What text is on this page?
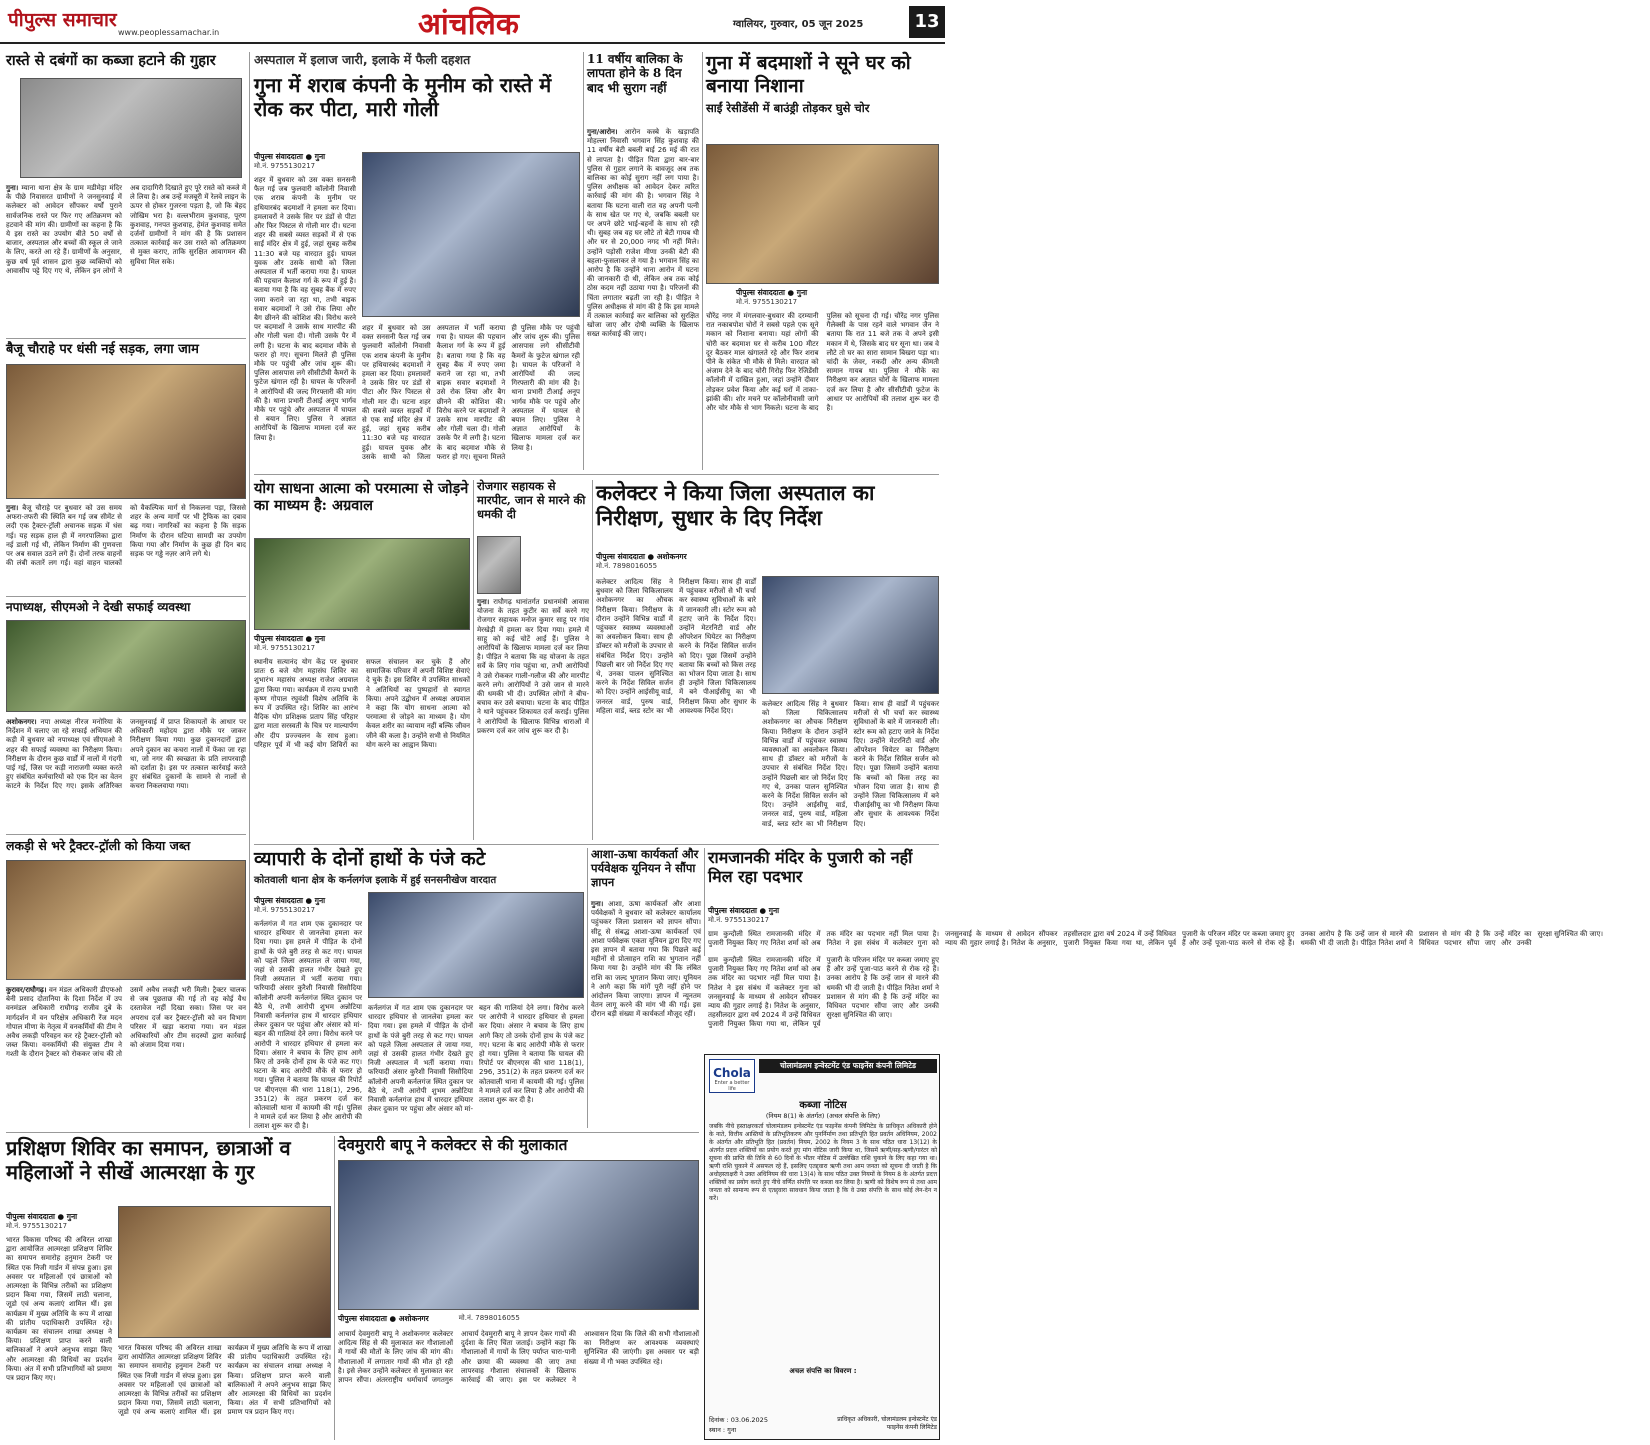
पीपुल्स समाचार
www.peoplessamachar.in	आंचलिक	ग्वालियर, गुरुवार, 05 जून 2025	13
रास्ते से दबंगों का कब्जा हटाने की गुहार
गुना। म्याना थाना क्षेत्र के ग्राम मडीमेड़ा मंदिर के पीछे निवासरत ग्रामीणों ने जनसुनवाई में कलेक्टर को आवेदन सौंपकर वर्षों पुराने सार्वजनिक रास्ते पर फिर गए अतिक्रमण को हटवाने की मांग की। ग्रामीणों का कहना है कि ये इस रास्ते का उपयोग बीते 50 वर्षों से बाजार, अस्पताल और बच्चों की स्कूल ले जाने के लिए, करते आ रहे हैं। ग्रामीणों के अनुसार, कुछ वर्ष पूर्व शासन द्वारा कुछ व्यक्तियों को आवासीय पट्टे दिए गए थे, लेकिन इन लोगों ने अब दादागिरी दिखाते हुए पूरे रास्ते को कब्जे में ले लिया है। अब उन्हें मजबूरी में रेलवे लाइन के ऊपर से होकर गुजरना पड़ता है, जो कि बेहद जोखिम भरा है। वल्लभीराम कुशवाह, पूरण कुशवाह, गनपत कुशवाह, हेमंत कुशवाह समेत दर्जनों ग्रामीणों ने मांग की है कि प्रशासन तत्काल कार्रवाई कर उस रास्ते को अतिक्रमण से मुक्त कराए, ताकि सुरक्षित आवागमन की सुविधा मिल सके।
बैजू चौराहे पर धंसी नई सड़क, लगा जाम
गुना। बैजू चौराहे पर बुधवार को उस समय अफरा-तफरी की स्थिति बन गई जब सीमेंट से लदी एक ट्रैक्टर-ट्रॉली अचानक सड़क में धंस गई। यह सड़क हाल ही में नगरपालिका द्वारा नई डाली गई थी, लेकिन निर्माण की गुणवत्ता पर अब सवाल उठने लगे हैं। दोनों तरफ वाहनों की लंबी कतारें लग गईं। वहां वाहन चालकों को वैकल्पिक मार्ग से निकलना पड़ा, जिससे शहर के अन्य मार्गों पर भी ट्रैफिक का दबाव बढ़ गया। नागरिकों का कहना है कि सड़क निर्माण के दौरान घटिया सामग्री का उपयोग किया गया और निर्माण के कुछ ही दिन बाद सड़क पर गड्ढे नज़र आने लगे थे।
नपाध्यक्ष, सीएमओ ने देखी सफाई व्यवस्था
अशोकनगर। नपा अध्यक्ष नीरज मनोरिया के निर्देशन में चलाए जा रहे सफाई अभियान की कड़ी में बुधवार को नपाध्यक्ष एवं सीएमओ ने शहर की सफाई व्यवस्था का निरीक्षण किया। निरीक्षण के दौरान कुछ वार्डों में नालों में गंदगी पाई गई, जिस पर कड़ी नाराजगी व्यक्त करते हुए संबंधित कर्मचारियों को एक दिन का वेतन काटने के निर्देश दिए गए। इसके अतिरिक्त जनसुनवाई में प्राप्त शिकायतों के आधार पर अधिकारी महोदय द्वारा मौके पर जाकर निरीक्षण किया गया। कुछ दुकानदारों द्वारा अपने दुकान का कचरा नालों में फेंका जा रहा था, जो नगर की स्वच्छता के प्रति लापरवाही को दर्शाता है। इस पर तत्काल कार्रवाई करते हुए संबंधित दुकानों के सामने से नालों से कचरा निकलवाया गया।
लकड़ी से भरे ट्रैक्टर-ट्रॉली को किया जब्त
कुरावर/राघौगढ़। वन मंडल अधिकारी डीएफओ बेनी प्रसाद दोतानिया के दिशा निर्देश में उप वनमंडल अधिकारी राघौगढ़ राजीव दुबे के मार्गदर्शन में वन परिक्षेत्र अधिकारी रेंज मदन गोपाल मीणा के नेतृत्व में वनकर्मियों की टीम ने अवैध लकड़ी परिवहन कर रहे ट्रैक्टर-ट्रॉली को जब्त किया। वनकर्मियों की संयुक्त टीम ने गश्ती के दौरान ट्रैक्टर को रोककर जांच की तो उसमें अवैध लकड़ी भरी मिली। ट्रैक्टर चालक से जब पूछताछ की गई तो वह कोई वैध दस्तावेज नहीं दिखा सका। जिस पर वन अपराध दर्ज कर ट्रैक्टर-ट्रॉली को वन विभाग परिसर में खड़ा कराया गया। वन मंडल अधिकारियों और टीम सदस्यों द्वारा कार्रवाई को अंजाम दिया गया।
अस्पताल में इलाज जारी, इलाके में फैली दहशत
गुना में शराब कंपनी के मुनीम को रास्ते में रोक कर पीटा, मारी गोली
पीपुल्स संवाददाता ● गुना
मो.नं. 9755130217
शहर में बुधवार को उस वक्त सनसनी फैल गई जब फुलवारी कॉलोनी निवासी एक शराब कंपनी के मुनीम पर हथियारबंद बदमाशों ने हमला कर दिया। हमलावरों ने उसके सिर पर डंडों से पीटा और फिर पिस्टल से गोली मार दी। घटना शहर की सबसे व्यस्त सड़कों में से एक साईं मंदिर क्षेत्र में हुई, जहां सुबह करीब 11:30 बजे यह वारदात हुई। घायल युवक और उसके साथी को जिला अस्पताल में भर्ती कराया गया है। घायल की पहचान कैलाश गर्ग के रूप में हुई है। बताया गया है कि वह सुबह बैंक में रुपए जमा कराने जा रहा था, तभी बाइक सवार बदमाशों ने उसे रोक लिया और बैग छीनने की कोशिश की। विरोध करने पर बदमाशों ने उसके साथ मारपीट की और गोली चला दी। गोली उसके पैर में लगी है। घटना के बाद बदमाश मौके से फरार हो गए। सूचना मिलते ही पुलिस मौके पर पहुंची और जांच शुरू की। पुलिस आसपास लगे सीसीटीवी कैमरों के फुटेज खंगाल रही है। घायल के परिजनों ने आरोपियों की जल्द गिरफ्तारी की मांग की है। थाना प्रभारी टीआई अनूप भार्गव मौके पर पहुंचे और अस्पताल में घायल से बयान लिए। पुलिस ने अज्ञात आरोपियों के खिलाफ मामला दर्ज कर लिया है।
शहर में बुधवार को उस वक्त सनसनी फैल गई जब फुलवारी कॉलोनी निवासी एक शराब कंपनी के मुनीम पर हथियारबंद बदमाशों ने हमला कर दिया। हमलावरों ने उसके सिर पर डंडों से पीटा और फिर पिस्टल से गोली मार दी। घटना शहर की सबसे व्यस्त सड़कों में से एक साईं मंदिर क्षेत्र में हुई, जहां सुबह करीब 11:30 बजे यह वारदात हुई। घायल युवक और उसके साथी को जिला अस्पताल में भर्ती कराया गया है। घायल की पहचान कैलाश गर्ग के रूप में हुई है। बताया गया है कि वह सुबह बैंक में रुपए जमा कराने जा रहा था, तभी बाइक सवार बदमाशों ने उसे रोक लिया और बैग छीनने की कोशिश की। विरोध करने पर बदमाशों ने उसके साथ मारपीट की और गोली चला दी। गोली उसके पैर में लगी है। घटना के बाद बदमाश मौके से फरार हो गए। सूचना मिलते ही पुलिस मौके पर पहुंची और जांच शुरू की। पुलिस आसपास लगे सीसीटीवी कैमरों के फुटेज खंगाल रही है। घायल के परिजनों ने आरोपियों की जल्द गिरफ्तारी की मांग की है। थाना प्रभारी टीआई अनूप भार्गव मौके पर पहुंचे और अस्पताल में घायल से बयान लिए। पुलिस ने अज्ञात आरोपियों के खिलाफ मामला दर्ज कर लिया है।
11 वर्षीय बालिका के लापता होने के 8 दिन बाद भी सुराग नहीं
गुना/आरोन। आरोन कस्बे के खड़ापति मोहल्ला निवासी भगवान सिंह कुशवाह की 11 वर्षीय बेटी बबली बाई 26 मई की रात से लापता है। पीड़ित पिता द्वारा बार-बार पुलिस से गुहार लगाने के बावजूद अब तक बालिका का कोई सुराग नहीं लग पाया है। पुलिस अधीक्षक को आवेदन देकर त्वरित कार्रवाई की मांग की है। भगवान सिंह ने बताया कि घटना वाली रात वह अपनी पत्नी के साथ खेत पर गए थे, जबकि बबली घर पर अपने छोटे भाई-बहनों के साथ सो रही थी। सुबह जब वह घर लौटे तो बेटी गायब थी और घर से 20,000 नगद भी नहीं मिले। उन्होंने पड़ोसी राजेश मीणा उनकी बेटी की बहला-फुसलाकर ले गया है। भगवान सिंह का आरोप है कि उन्होंने थाना आरोन में घटना की जानकारी दी थी, लेकिन अब तक कोई ठोस कदम नहीं उठाया गया है। परिजनों की चिंता लगातार बढ़ती जा रही है। पीड़ित ने पुलिस अधीक्षक से मांग की है कि इस मामले में तत्काल कार्रवाई कर बालिका को सुरक्षित खोजा जाए और दोषी व्यक्ति के खिलाफ सख्त कार्रवाई की जाए।
गुना में बदमाशों ने सूने घर को बनाया निशाना
साईं रेसीडेंसी में बाउंड्री तोड़कर घुसे चोर
पीपुल्स संवाददाता ● गुना
मो.नं. 9755130217
चौरेंद्र नगर में मंगलवार-बुधवार की दरम्यानी रात नकाबपोश चोरों ने सबसे पहले एक सूने मकान को निशाना बनाया। यहां लोगों की चोरी कर बदमाश घर से करीब 100 मीटर दूर बैठकर माल खंगालते रहे और फिर शराब पीने के संकेत भी मौके से मिले। वारदात को अंजाम देने के बाद चोरी गिरोह फिर रेजिडेंसी कॉलोनी में दाखिल हुआ, जहां उन्होंने दीवार तोड़कर प्रवेश किया और कई घरों में ताका-झांकी की। शोर मचने पर कॉलोनीवासी जागे और चोर मौके से भाग निकले। घटना के बाद पुलिस को सूचना दी गई। चौरेंद्र नगर पुलिस गैलेक्सी के पास रहने वाले भगवान जैन ने बताया कि रात 11 बजे तक वे अपने इसी मकान में थे, जिसके बाद घर सूना था। जब वे लौटे तो घर का सारा सामान बिखरा पड़ा था। चांदी के जेवर, नकदी और अन्य कीमती सामान गायब था। पुलिस ने मौके का निरीक्षण कर अज्ञात चोरों के खिलाफ मामला दर्ज कर लिया है और सीसीटीवी फुटेज के आधार पर आरोपियों की तलाश शुरू कर दी है।
योग साधना आत्मा को परमात्मा से जोड़ने का माध्यम है: अग्रवाल
पीपुल्स संवाददाता ● गुना
मो.नं. 9755130217
स्थानीय सत्यानंद योग केंद्र पर बुधवार प्रातः 6 बजे योग महासंघ शिविर का शुभारंभ महासंघ अध्यक्ष राजेश अग्रवाल द्वारा किया गया। कार्यक्रम में राज्य प्रभारी कृष्ण गोपाल रघुवंशी विशेष अतिथि के रूप में उपस्थित रहे। शिविर का आरंभ वैदिक योग प्रशिक्षक प्रताप सिंह परिहार द्वारा माता सरस्वती के चित्र पर माल्यार्पण और दीप प्रज्ज्वलन के साथ हुआ। परिहार पूर्व में भी कई योग शिविरों का सफल संचालन कर चुके हैं और सामाजिक परिवार में अपनी विशिष्ट सेवाएं दे चुके हैं। इस शिविर में उपस्थित साधकों ने अतिथियों का पुष्पहारों से स्वागत किया। अपने उद्बोधन में अध्यक्ष अग्रवाल ने कहा कि योग साधना आत्मा को परमात्मा से जोड़ने का माध्यम है। योग केवल शरीर का व्यायाम नहीं बल्कि जीवन जीने की कला है। उन्होंने सभी से नियमित योग करने का आह्वान किया।
रोजगार सहायक से मारपीट, जान से मारने की धमकी दी
गुना। राघौगढ़ थानांतर्गत प्रधानमंत्री आवास योजना के तहत कुटीर का सर्वे करने गए रोजगार सहायक मनोज कुमार साहू पर गांव मेरखेड़ी में हमला कर दिया गया। हमले में साहू को कई चोटें आईं हैं। पुलिस ने आरोपियों के खिलाफ मामला दर्ज कर लिया है। पीड़ित ने बताया कि वह योजना के तहत सर्वे के लिए गांव पहुंचा था, तभी आरोपियों ने उसे रोककर गाली-गलौज की और मारपीट करने लगे। आरोपियों ने उसे जान से मारने की धमकी भी दी। उपस्थित लोगों ने बीच-बचाव कर उसे बचाया। घटना के बाद पीड़ित ने थाने पहुंचकर शिकायत दर्ज कराई। पुलिस ने आरोपियों के खिलाफ विभिन्न धाराओं में प्रकरण दर्ज कर जांच शुरू कर दी है।
कलेक्टर ने किया जिला अस्पताल का निरीक्षण, सुधार के दिए निर्देश
पीपुल्स संवाददाता ● अशोकनगर
मो.नं. 7898016055
कलेक्टर आदित्य सिंह ने बुधवार को जिला चिकित्सालय अशोकनगर का औचक निरीक्षण किया। निरीक्षण के दौरान उन्होंने विभिन्न वार्डों में पहुंचकर स्वास्थ्य व्यवस्थाओं का अवलोकन किया। साथ ही डॉक्टर को मरीजों के उपचार से संबंधित निर्देश दिए। उन्होंने पिछली बार जो निर्देश दिए गए थे, उनका पालन सुनिश्चित करने के निर्देश सिविल सर्जन को दिए। उन्होंने आईसीयू वार्ड, जनरल वार्ड, पुरुष वार्ड, महिला वार्ड, ब्लड स्टोर का भी निरीक्षण किया। साथ ही वार्डों में पहुंचकर मरीजों से भी चर्चा कर स्वास्थ्य सुविधाओं के बारे में जानकारी ली। स्टोर रूम को हटाए जाने के निर्देश दिए। उन्होंने मेटरनिटी वार्ड और ऑपरेशन थियेटर का निरीक्षण करने के निर्देश सिविल सर्जन को दिए। पूछा जिसमें उन्होंने बताया कि बच्चों को किस तरह का भोजन दिया जाता है। साथ ही उन्होंने जिला चिकित्सालय में बने पीआईसीयू का भी निरीक्षण किया और सुधार के आवश्यक निर्देश दिए।
कलेक्टर आदित्य सिंह ने बुधवार को जिला चिकित्सालय अशोकनगर का औचक निरीक्षण किया। निरीक्षण के दौरान उन्होंने विभिन्न वार्डों में पहुंचकर स्वास्थ्य व्यवस्थाओं का अवलोकन किया। साथ ही डॉक्टर को मरीजों के उपचार से संबंधित निर्देश दिए। उन्होंने पिछली बार जो निर्देश दिए गए थे, उनका पालन सुनिश्चित करने के निर्देश सिविल सर्जन को दिए। उन्होंने आईसीयू वार्ड, जनरल वार्ड, पुरुष वार्ड, महिला वार्ड, ब्लड स्टोर का भी निरीक्षण किया। साथ ही वार्डों में पहुंचकर मरीजों से भी चर्चा कर स्वास्थ्य सुविधाओं के बारे में जानकारी ली। स्टोर रूम को हटाए जाने के निर्देश दिए। उन्होंने मेटरनिटी वार्ड और ऑपरेशन थियेटर का निरीक्षण करने के निर्देश सिविल सर्जन को दिए। पूछा जिसमें उन्होंने बताया कि बच्चों को किस तरह का भोजन दिया जाता है। साथ ही उन्होंने जिला चिकित्सालय में बने पीआईसीयू का भी निरीक्षण किया और सुधार के आवश्यक निर्देश दिए।
व्यापारी के दोनों हाथों के पंजे कटे
कोतवाली थाना क्षेत्र के कर्नलगंज इलाके में हुई सनसनीखेज वारदात
पीपुल्स संवाददाता ● गुना
मो.नं. 9755130217
कर्नलगंज में गत शाम एक दुकानदार पर धारदार हथियार से जानलेवा हमला कर दिया गया। इस हमले में पीड़ित के दोनों हाथों के पंजे बुरी तरह से कट गए। घायल को पहले जिला अस्पताल ले जाया गया, जहां से उसकी हालत गंभीर देखते हुए निजी अस्पताल में भर्ती कराया गया। फरियादी अंसार कुरैशी निवासी सिसौदिया कॉलोनी अपनी कर्नलगंज स्थित दुकान पर बैठे थे, तभी आरोपी शुभम अन्नोटिया निवासी कर्नलगंज हाथ में धारदार हथियार लेकर दुकान पर पहुंचा और अंसार को मां-बहन की गालियां देने लगा। विरोध करने पर आरोपी ने धारदार हथियार से हमला कर दिया। अंसार ने बचाव के लिए हाथ आगे किए तो उनके दोनों हाथ के पंजे कट गए। घटना के बाद आरोपी मौके से फरार हो गया। पुलिस ने बताया कि घायल की रिपोर्ट पर बीएनएस की धारा 118(1), 296, 351(2) के तहत प्रकरण दर्ज कर कोतवाली थाना में कायमी की गई। पुलिस ने मामले दर्ज कर लिया है और आरोपी की तलाश शुरू कर दी है।
कर्नलगंज में गत शाम एक दुकानदार पर धारदार हथियार से जानलेवा हमला कर दिया गया। इस हमले में पीड़ित के दोनों हाथों के पंजे बुरी तरह से कट गए। घायल को पहले जिला अस्पताल ले जाया गया, जहां से उसकी हालत गंभीर देखते हुए निजी अस्पताल में भर्ती कराया गया। फरियादी अंसार कुरैशी निवासी सिसौदिया कॉलोनी अपनी कर्नलगंज स्थित दुकान पर बैठे थे, तभी आरोपी शुभम अन्नोटिया निवासी कर्नलगंज हाथ में धारदार हथियार लेकर दुकान पर पहुंचा और अंसार को मां-बहन की गालियां देने लगा। विरोध करने पर आरोपी ने धारदार हथियार से हमला कर दिया। अंसार ने बचाव के लिए हाथ आगे किए तो उनके दोनों हाथ के पंजे कट गए। घटना के बाद आरोपी मौके से फरार हो गया। पुलिस ने बताया कि घायल की रिपोर्ट पर बीएनएस की धारा 118(1), 296, 351(2) के तहत प्रकरण दर्ज कर कोतवाली थाना में कायमी की गई। पुलिस ने मामले दर्ज कर लिया है और आरोपी की तलाश शुरू कर दी है।
आशा-ऊषा कार्यकर्ता और पर्यवेक्षक यूनियन ने सौंपा ज्ञापन
गुना। आशा, ऊषा कार्यकर्ता और आशा पर्यवेक्षकों ने बुधवार को कलेक्टर कार्यालय पहुंचकर जिला प्रशासन को ज्ञापन सौंपा। सीटू से संबद्ध आशा-ऊषा कार्यकर्ता एवं आशा पर्यवेक्षक एकता यूनियन द्वारा दिए गए इस ज्ञापन में बताया गया कि पिछले कई महीनों से प्रोत्साहन राशि का भुगतान नहीं किया गया है। उन्होंने मांग की कि लंबित राशि का जल्द भुगतान किया जाए। यूनियन ने आगे कहा कि मांगें पूरी नहीं होने पर आंदोलन किया जाएगा। ज्ञापन में न्यूनतम वेतन लागू करने की मांग भी की गई। इस दौरान बड़ी संख्या में कार्यकर्ता मौजूद रहीं।
रामजानकी मंदिर के पुजारी को नहीं मिल रहा पदभार
पीपुल्स संवाददाता ● गुना
मो.नं. 9755130217
ग्राम कुन्दौली स्थित रामजानकी मंदिर में पुजारी नियुक्त किए गए नितेश शर्मा को अब तक मंदिर का पदभार नहीं मिल पाया है। नितेश ने इस संबंध में कलेक्टर गुना को जनसुनवाई के माध्यम से आवेदन सौंपकर न्याय की गुहार लगाई है। नितेश के अनुसार, तहसीलदार द्वारा वर्ष 2024 में उन्हें विधिवत पुजारी नियुक्त किया गया था, लेकिन पूर्व पुजारी के परिजन मंदिर पर कब्जा जमाए हुए हैं और उन्हें पूजा-पाठ करने से रोक रहे हैं। उनका आरोप है कि उन्हें जान से मारने की धमकी भी दी जाती है। पीड़ित नितेश शर्मा ने प्रशासन से मांग की है कि उन्हें मंदिर का विधिवत पदभार सौंपा जाए और उनकी सुरक्षा सुनिश्चित की जाए।
ग्राम कुन्दौली स्थित रामजानकी मंदिर में पुजारी नियुक्त किए गए नितेश शर्मा को अब तक मंदिर का पदभार नहीं मिल पाया है। नितेश ने इस संबंध में कलेक्टर गुना को जनसुनवाई के माध्यम से आवेदन सौंपकर न्याय की गुहार लगाई है। नितेश के अनुसार, तहसीलदार द्वारा वर्ष 2024 में उन्हें विधिवत पुजारी नियुक्त किया गया था, लेकिन पूर्व पुजारी के परिजन मंदिर पर कब्जा जमाए हुए हैं और उन्हें पूजा-पाठ करने से रोक रहे हैं। उनका आरोप है कि उन्हें जान से मारने की धमकी भी दी जाती है। पीड़ित नितेश शर्मा ने प्रशासन से मांग की है कि उन्हें मंदिर का विधिवत पदभार सौंपा जाए और उनकी सुरक्षा सुनिश्चित की जाए।
Chola
Enter a better life
चोलामंडलम इन्वेस्टमेंट एंड फाइनेंस कंपनी लिमिटेड
कब्जा नोटिस
(नियम 8(1) के अंतर्गत) (अचल संपत्ति के लिए)
जबकि नीचे हस्ताक्षरकर्ता चोलामंडलम इन्वेस्टमेंट एंड फाइनेंस कंपनी लिमिटेड के प्राधिकृत अधिकारी होने के नाते, वित्तीय आस्तियों के प्रतिभूतिकरण और पुनर्निर्माण तथा प्रतिभूति हित प्रवर्तन अधिनियम, 2002 के अंतर्गत और प्रतिभूति हित (प्रवर्तन) नियम, 2002 के नियम 3 के साथ पठित धारा 13(12) के अंतर्गत प्रदत्त शक्तियों का प्रयोग करते हुए मांग नोटिस जारी किया था, जिसमें ऋणी/सह-ऋणी/गारंटर को सूचना की प्राप्ति की तिथि से 60 दिनों के भीतर नोटिस में उल्लेखित राशि चुकाने के लिए कहा गया था। ऋणी राशि चुकाने में असफल रहे हैं, इसलिए एतद्द्वारा ऋणी तथा आम जनता को सूचना दी जाती है कि अधोहस्ताक्षरी ने उक्त अधिनियम की धारा 13(4) के साथ पठित उक्त नियमों के नियम 8 के अंतर्गत प्रदत्त शक्तियों का प्रयोग करते हुए नीचे वर्णित संपत्ति पर कब्जा कर लिया है। ऋणी को विशेष रूप से तथा आम जनता को सामान्य रूप से एतद्द्वारा सावधान किया जाता है कि वे उक्त संपत्ति के साथ कोई लेन-देन न करें।
अचल संपत्ति का विवरण :
दिनांक : 03.06.2025
स्थान : गुना
प्राधिकृत अधिकारी, चोलामंडलम इन्वेस्टमेंट एंड फाइनेंस कंपनी लिमिटेड
प्रशिक्षण शिविर का समापन, छात्राओं व महिलाओं ने सीखें आत्मरक्षा के गुर
पीपुल्स संवाददाता ● गुना
मो.नं. 9755130217
भारत विकास परिषद की अविरल शाखा द्वारा आयोजित आत्मरक्षा प्रशिक्षण शिविर का समापन समारोह हनुमान टेकरी पर स्थित एक निजी गार्डन में संपन्न हुआ। इस अवसर पर महिलाओं एवं छात्राओं को आत्मरक्षा के विभिन्न तरीकों का प्रशिक्षण प्रदान किया गया, जिसमें लाठी चलाना, जूडो एवं अन्य कलाएं शामिल थीं। इस कार्यक्रम में मुख्य अतिथि के रूप में शाखा की प्रांतीय पदाधिकारी उपस्थित रहे। कार्यक्रम का संचालन शाखा अध्यक्ष ने किया। प्रशिक्षण प्राप्त करने वाली बालिकाओं ने अपने अनुभव साझा किए और आत्मरक्षा की विधियों का प्रदर्शन किया। अंत में सभी प्रतिभागियों को प्रमाण पत्र प्रदान किए गए।
भारत विकास परिषद की अविरल शाखा द्वारा आयोजित आत्मरक्षा प्रशिक्षण शिविर का समापन समारोह हनुमान टेकरी पर स्थित एक निजी गार्डन में संपन्न हुआ। इस अवसर पर महिलाओं एवं छात्राओं को आत्मरक्षा के विभिन्न तरीकों का प्रशिक्षण प्रदान किया गया, जिसमें लाठी चलाना, जूडो एवं अन्य कलाएं शामिल थीं। इस कार्यक्रम में मुख्य अतिथि के रूप में शाखा की प्रांतीय पदाधिकारी उपस्थित रहे। कार्यक्रम का संचालन शाखा अध्यक्ष ने किया। प्रशिक्षण प्राप्त करने वाली बालिकाओं ने अपने अनुभव साझा किए और आत्मरक्षा की विधियों का प्रदर्शन किया। अंत में सभी प्रतिभागियों को प्रमाण पत्र प्रदान किए गए।
देवमुरारी बापू ने कलेक्टर से की मुलाकात
पीपुल्स संवाददाता ● अशोकनगर	मो.नं. 7898016055
आचार्य देवमुरारी बापू ने अशोकनगर कलेक्टर आदित्य सिंह से की मुलाकात कर गौशालाओं में गायों की मौतों के लिए जांच की मांग की। गौशालाओं में लगातार गायों की मौत हो रही है। इसे लेकर उन्होंने कलेक्टर से मुलाकात कर ज्ञापन सौंपा। अंतरराष्ट्रीय धर्माचार्य जगतगुरु आचार्य देवमुरारी बापू ने ज्ञापन देकर गायों की दुर्दशा के लिए चिंता जताई। उन्होंने कहा कि गौशालाओं में गायों के लिए पर्याप्त चारा-पानी और छाया की व्यवस्था की जाए तथा लापरवाह गौशाला संचालकों के खिलाफ कार्रवाई की जाए। इस पर कलेक्टर ने आश्वासन दिया कि जिले की सभी गौशालाओं का निरीक्षण कर आवश्यक व्यवस्थाएं सुनिश्चित की जाएंगी। इस अवसर पर बड़ी संख्या में गौ भक्त उपस्थित रहे।
